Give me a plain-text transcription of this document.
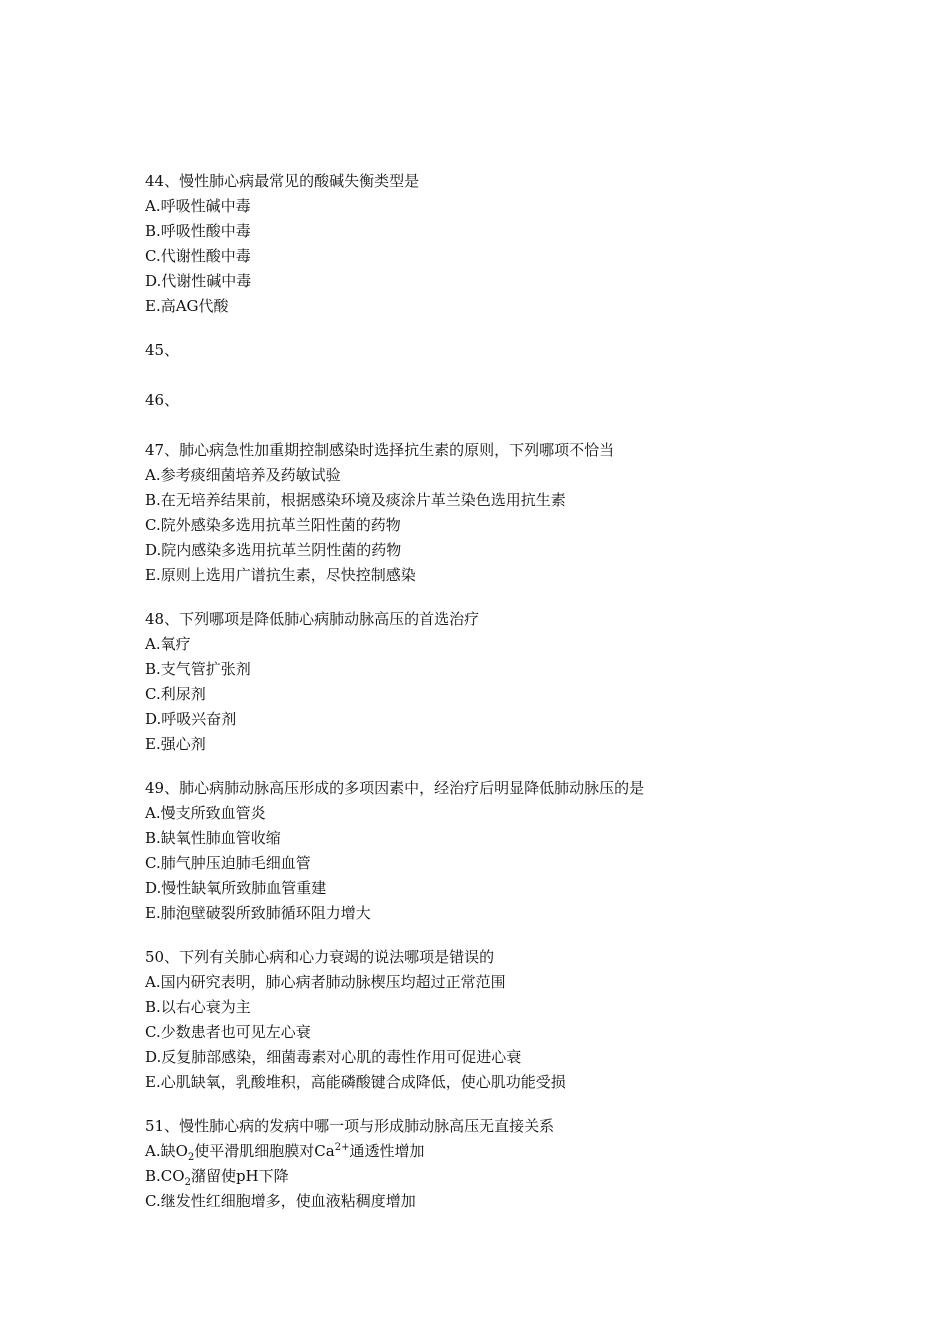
44、慢性肺心病最常见的酸碱失衡类型是
A.呼吸性碱中毒
B.呼吸性酸中毒
C.代谢性酸中毒
D.代谢性碱中毒
E.高AG代酸
45、
46、
47、肺心病急性加重期控制感染时选择抗生素的原则，下列哪项不恰当
A.参考痰细菌培养及药敏试验
B.在无培养结果前，根据感染环境及痰涂片革兰染色选用抗生素
C.院外感染多选用抗革兰阳性菌的药物
D.院内感染多选用抗革兰阴性菌的药物
E.原则上选用广谱抗生素，尽快控制感染
48、下列哪项是降低肺心病肺动脉高压的首选治疗
A.氧疗
B.支气管扩张剂
C.利尿剂
D.呼吸兴奋剂
E.强心剂
49、肺心病肺动脉高压形成的多项因素中，经治疗后明显降低肺动脉压的是
A.慢支所致血管炎
B.缺氧性肺血管收缩
C.肺气肿压迫肺毛细血管
D.慢性缺氧所致肺血管重建
E.肺泡壁破裂所致肺循环阻力增大
50、下列有关肺心病和心力衰竭的说法哪项是错误的
A.国内研究表明，肺心病者肺动脉楔压均超过正常范围
B.以右心衰为主
C.少数患者也可见左心衰
D.反复肺部感染，细菌毒素对心肌的毒性作用可促进心衰
E.心肌缺氧，乳酸堆积，高能磷酸键合成降低，使心肌功能受损
51、慢性肺心病的发病中哪一项与形成肺动脉高压无直接关系
A.缺$O_2$使平滑肌细胞膜对$Ca^{2+}$通透性增加
$B.CO_2$潴留使pH下降
C.继发性红细胞增多，使血液粘稠度增加
